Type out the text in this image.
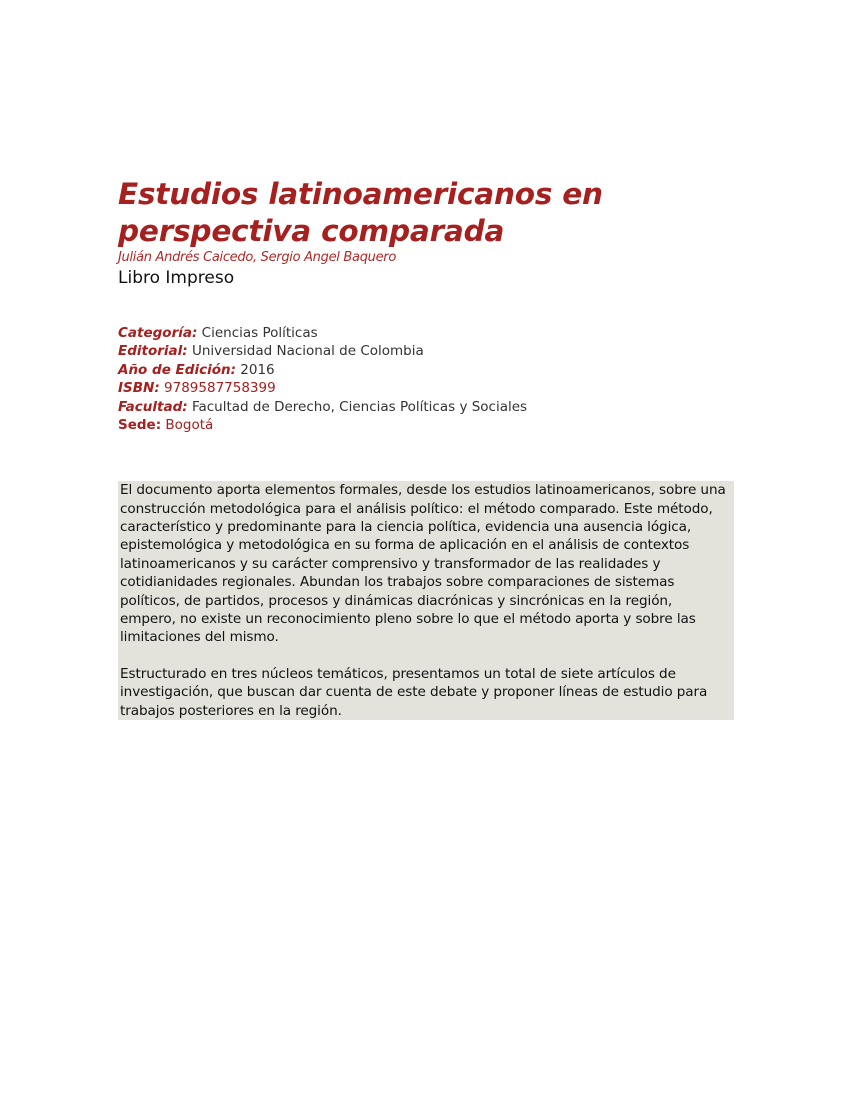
Estudios latinoamericanos en perspectiva comparada
Julián Andrés Caicedo, Sergio Angel Baquero
Libro Impreso
Categoría: Ciencias Políticas
Editorial: Universidad Nacional de Colombia
Año de Edición: 2016
ISBN: 9789587758399
Facultad: Facultad de Derecho, Ciencias Políticas y Sociales
Sede: Bogotá

El documento aporta elementos formales, desde los estudios latinoamericanos, sobre una construcción metodológica para el análisis político: el método comparado. Este método, característico y predominante para la ciencia política, evidencia una ausencia lógica, epistemológica y metodológica en su forma de aplicación en el análisis de contextos latinoamericanos y su carácter comprensivo y transformador de las realidades y cotidianidades regionales. Abundan los trabajos sobre comparaciones de sistemas políticos, de partidos, procesos y dinámicas diacrónicas y sincrónicas en la región, empero, no existe un reconocimiento pleno sobre lo que el método aporta y sobre las limitaciones del mismo.

Estructurado en tres núcleos temáticos, presentamos un total de siete artículos de investigación, que buscan dar cuenta de este debate y proponer líneas de estudio para trabajos posteriores en la región.
